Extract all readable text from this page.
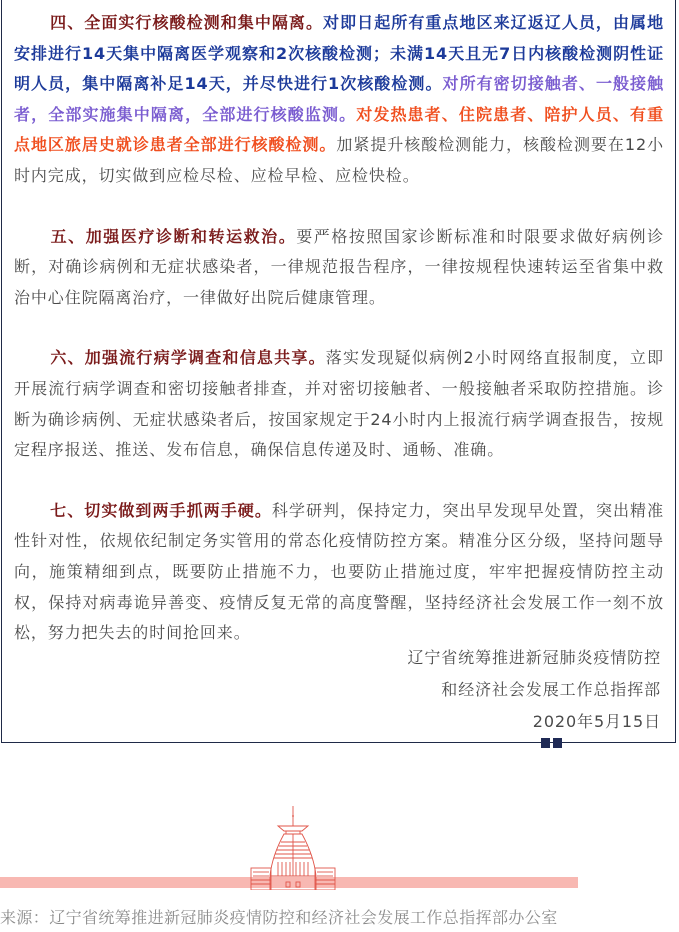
四、全面实行核酸检测和集中隔离。对即日起所有重点地区来辽返辽人员，由属地安排进行14天集中隔离医学观察和2次核酸检测；未满14天且无7日内核酸检测阴性证明人员，集中隔离补足14天，并尽快进行1次核酸检测。对所有密切接触者、一般接触者，全部实施集中隔离，全部进行核酸监测。对发热患者、住院患者、陪护人员、有重点地区旅居史就诊患者全部进行核酸检测。加紧提升核酸检测能力，核酸检测要在12小时内完成，切实做到应检尽检、应检早检、应检快检。

五、加强医疗诊断和转运救治。要严格按照国家诊断标准和时限要求做好病例诊断，对确诊病例和无症状感染者，一律规范报告程序，一律按规程快速转运至省集中救治中心住院隔离治疗，一律做好出院后健康管理。

六、加强流行病学调查和信息共享。落实发现疑似病例2小时网络直报制度，立即开展流行病学调查和密切接触者排查，并对密切接触者、一般接触者采取防控措施。诊断为确诊病例、无症状感染者后，按国家规定于24小时内上报流行病学调查报告，按规定程序报送、推送、发布信息，确保信息传递及时、通畅、准确。

七、切实做到两手抓两手硬。科学研判，保持定力，突出早发现早处置，突出精准性针对性，依规依纪制定务实管用的常态化疫情防控方案。精准分区分级，坚持问题导向，施策精细到点，既要防止措施不力，也要防止措施过度，牢牢把握疫情防控主动权，保持对病毒诡异善变、疫情反复无常的高度警醒，坚持经济社会发展工作一刻不放松，努力把失去的时间抢回来。

辽宁省统筹推进新冠肺炎疫情防控
和经济社会发展工作总指挥部
2020年5月15日
来源：辽宁省统筹推进新冠肺炎疫情防控和经济社会发展工作总指挥部办公室
